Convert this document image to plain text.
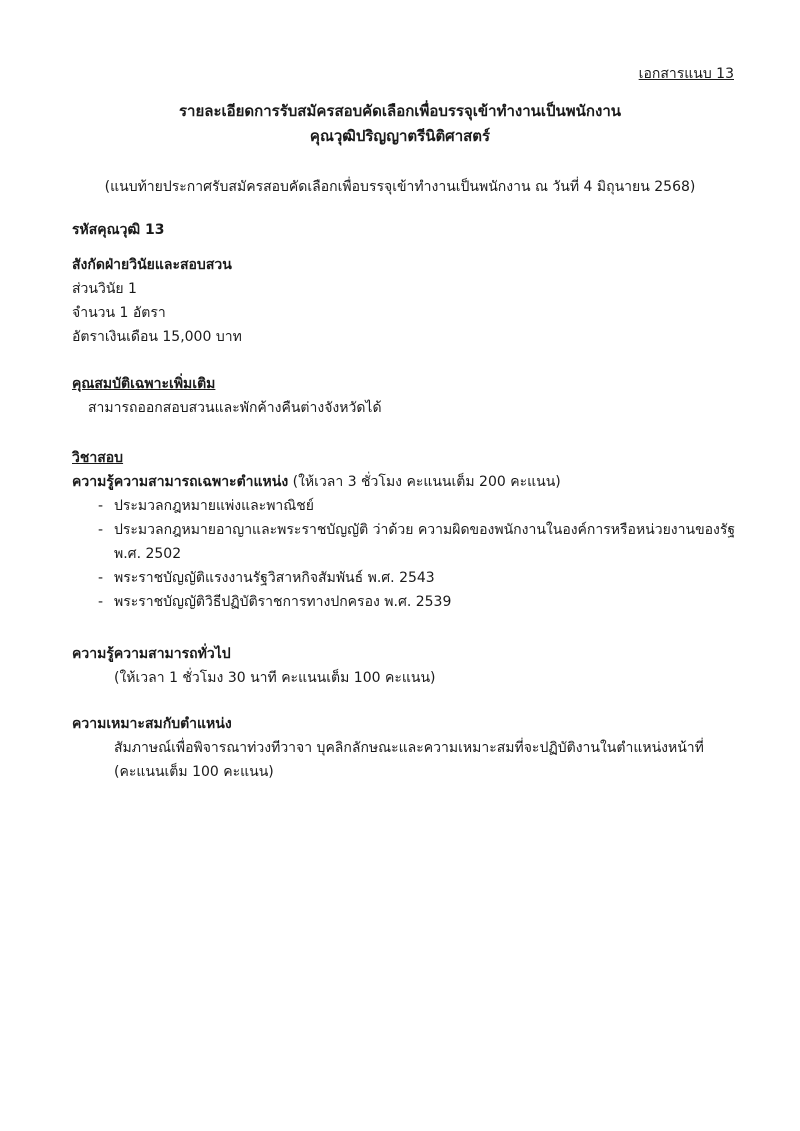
เอกสารแนบ 13
รายละเอียดการรับสมัครสอบคัดเลือกเพื่อบรรจุเข้าทำงานเป็นพนักงาน
คุณวุฒิปริญญาตรีนิติศาสตร์
(แนบท้ายประกาศรับสมัครสอบคัดเลือกเพื่อบรรจุเข้าทำงานเป็นพนักงาน ณ วันที่ 4 มิถุนายน 2568)
รหัสคุณวุฒิ 13
สังกัดฝ่ายวินัยและสอบสวน
ส่วนวินัย 1
จำนวน 1 อัตรา
อัตราเงินเดือน 15,000 บาท
คุณสมบัติเฉพาะเพิ่มเติม
สามารถออกสอบสวนและพักค้างคืนต่างจังหวัดได้
วิชาสอบ
ความรู้ความสามารถเฉพาะตำแหน่ง (ให้เวลา 3 ชั่วโมง คะแนนเต็ม 200 คะแนน)
- ประมวลกฎหมายแพ่งและพาณิชย์
- ประมวลกฎหมายอาญาและพระราชบัญญัติ ว่าด้วย ความผิดของพนักงานในองค์การหรือหน่วยงานของรัฐ
พ.ศ. 2502
- พระราชบัญญัติแรงงานรัฐวิสาหกิจสัมพันธ์ พ.ศ. 2543
- พระราชบัญญัติวิธีปฏิบัติราชการทางปกครอง พ.ศ. 2539
ความรู้ความสามารถทั่วไป
(ให้เวลา 1 ชั่วโมง 30 นาที คะแนนเต็ม 100 คะแนน)
ความเหมาะสมกับตำแหน่ง
สัมภาษณ์เพื่อพิจารณาท่วงทีวาจา บุคลิกลักษณะและความเหมาะสมที่จะปฏิบัติงานในตำแหน่งหน้าที่
(คะแนนเต็ม 100 คะแนน)
